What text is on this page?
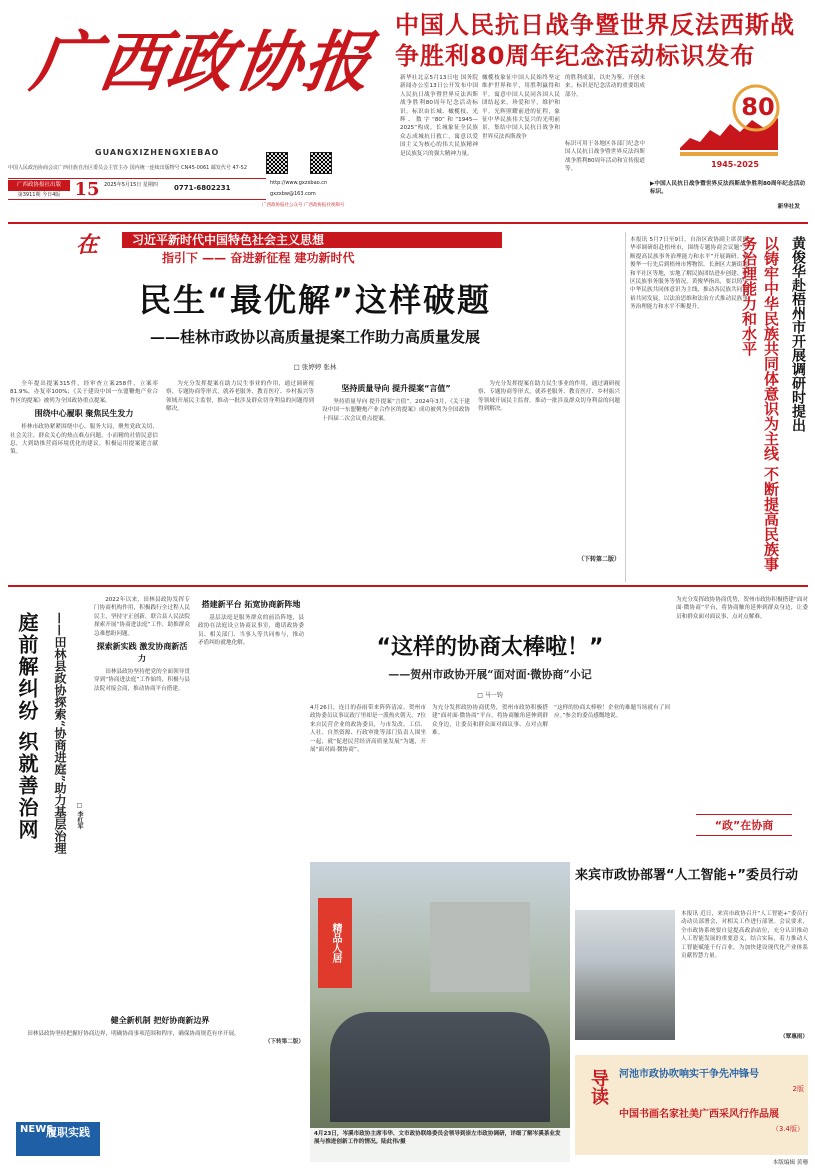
广西政协报
GUANGXIZHENGXIEBAO
中国人民政治协商会议广西壮族自治区委员会主管主办 国内统一连续出版物号 CN45-0061 邮发代号 47-52
广西政协报社出版
第3911期 今日4版 15 2025年5月15日 星期四	0771-6802231
http://www.gxzxbao.cn
gxzxbw@163.com
广西政协报社公众号 广西政协报社视频号
中国人民抗日战争暨世界反法西斯战争胜利80周年纪念活动标识发布
新华社北京5月13日电 国务院新闻办公室13日公开发布中国人民抗日战争暨世界反法西斯战争胜利80周年纪念活动标识。标识由长城、橄榄枝、光辉、数字“80”和“1945—2025”构成。长城象征全民族众志成城抗日救亡，寓意以爱国主义为核心的伟大民族精神是民族复兴的强大精神力量。
橄榄枝象征中国人民始终坚定维护世界和平，用胜利赢得和平。寓意中国人民同各国人民团结起来，珍爱和平，维护和平。光辉照耀前进的征程，象征中华民族伟大复兴的光明前景，集结中国人民抗日战争和世界反法西斯战争
的胜利成果，以史为鉴、开创未来。标识是纪念活动的重要组成部分。
标识可用于各地区各部门纪念中国人民抗日战争暨世界反法西斯战争胜利80周年活动和宣传报道等。
80
1945-2025
▶中国人民抗日战争暨世界反法西斯战争胜利80周年纪念活动标识。
新华社发
在	习近平新时代中国特色社会主义思想
指引下 —— 奋进新征程 建功新时代
民生“最优解”这样破题
——桂林市政协以高质量提案工作助力高质量发展
□ 张婷婷 张林

全年提出提案315件，经审查立案258件，立案率81.9%，办复率100%；《关于建设中国一东盟鞭炮产业合作区的提案》被列为全国政协重点提案。

围绕中心履职 聚焦民生发力

桂林市政协紧紧围绕中心、服务大局，聚焦党政关切、社会关注、群众关心的热点难点问题，小而精的社情民意信息，大到助推营商环境优化的建议，积极运用提案建言献策。

为充分发挥提案在助力民生事业的作用，通过调研视察、专题协商等形式，就养老服务、教育医疗、乡村振兴等领域开展民主监督，推动一批涉及群众切身利益的问题得到解决。

坚持质量导向 提升提案“言值”

坚持质量导向 提升提案“言值”。2024年3月，《关于建设中国一东盟鞭炮产业合作区的提案》成功被列为全国政协十四届二次会议重点提案。

为充分发挥提案在助力民生事业的作用，通过调研视察、专题协商等形式，就养老服务、教育医疗、乡村振兴等领域开展民主监督，推动一批涉及群众切身利益的问题得到解决。

（下转第二版）
本报讯 5月7日至9日，自治区政协副主席黄俊华率调研组赴梧州市，围绕专题协商会议题“不断提高民族事务治理能力和水平”开展调研。黄俊华一行先后到梧州市博物馆、长洲区大塘街道和平社区等地，实地了解民族团结进步创建、社区民族事务服务等情况。黄俊华指出，要以铸牢中华民族共同体意识为主线，推动各民族共同富裕共同发展，以法治思维和法治方式推动民族事务治理能力和水平不断提升。	以铸牢中华民族共同体意识为主线 不断提高民族事务治理能力和水平	黄俊华赴梧州市开展调研时提出
庭前解纠纷 织就善治网	——田林县政协探索“协商进庭”助力基层治理	□ 李红军

2022年以来，田林县政协发挥专门协商机构作用，积极践行全过程人民民主，坚持守正创新，联合县人民法院探索开展“协商进法庭”工作，助推群众急难愁盼问题。

探索新实践 激发协商新活力

田林县政协坚持把党的全面领导贯穿到“协商进法庭”工作始终，积极与县法院对接会商，推动协商平台搭建。

搭建新平台 拓宽协商新阵地

基层法庭是服务群众的前沿阵地，县政协在法庭设立协商议事室，邀请政协委员、相关部门、当事人等共同参与，推动矛盾纠纷就地化解。

健全新机制 把好协商新边界

田林县政协坚持把握好协商边界，明确协商事项范围和程序，确保协商规范有序开展。

（下转第二版）
NEWS
履职实践
“这样的协商太棒啦！”
——贺州市政协开展“面对面·微协商”小记
□ 马一钧
4月26日，连日的春雨带来阵阵清凉。贺州市政协委员议事议政厅里却是一派热火朝天。7位来自民营企业的政协委员，与市发改、工信、人社、自然资源、行政审批等部门负责人围坐一起，就“促进民营经济高质量发展”为题，开展“面对面·微协商”。
为充分发挥政协协商优势，贺州市政协积极搭建“面对面·微协商”平台，将协商触角延伸到群众身边，让委员和群众面对面议事、点对点解难。
“这样的协商太棒啦！企业的难题当场就有了回应。”参会的委员感慨地说。
为充分发挥政协协商优势，贺州市政协积极搭建“面对面·微协商”平台，将协商触角延伸到群众身边，让委员和群众面对面议事、点对点解难。
“政”在协商
精品人居
4月23日，岑溪市政协主席韦华、文市政协联络委员会领导到崇左市政协调研，详细了解岑溪茶业发展与推进创新工作的情况。陆此伟/摄
来宾市政协部署“人工智能+”委员行动
本报讯 近日，来宾市政协召开“人工智能+”委员行动动员部署会，对相关工作进行部署。会议要求，全市政协系统要自觉提高政治站位，充分认识推动人工智能发展的重要意义，结合实际，着力推动人工智能赋能千行百业，为加快建设现代化产业体系贡献智慧力量。
（覃惠雨）
导读	河池市政协吹响实干争先冲锋号
2版
中国书画名家社美广西采风行作品展
（3.4版）
本版编辑 黄珊
